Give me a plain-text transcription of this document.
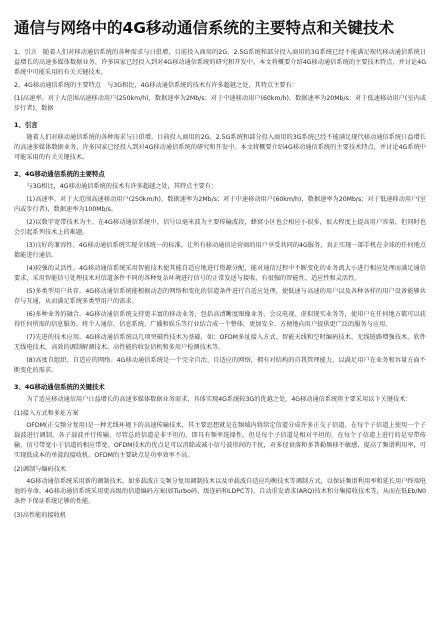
通信与网络中的4G移动通信系统的主要特点和关键技术

1、引言　随着人们对移动通信系统的各种需求与日俱增，目前投入商用的2G、2.5G系统和部分投入商用的3G系统已经不能满足现代移动通信系统日益增长的高速多媒体数据业务，许多国家已经投入到对4G移动通信系统的研究和开发中。本文将概要介绍4G移动通信系统的主要技术特点，并讨论4G系统中可能采用的有关关键技术。

2、4G移动通信系统的主要特点　与3G相比，4G移动通信系统的技术有许多超越之处，其特点主要有：

(1)高速率。对于大范围高速移动用户(250km/h)，数据速率为2Mb/s；对于中速移动用户(60km/h)，数据速率为20Mb/s；对于低速移动用户(室内或步行者)，数据

1、引言

随着人们对移动通信系统的各种需求与日俱增，目前投入商用的2G、2.5G系统和部分投入商用的3G系统已经不能满足现代移动通信系统日益增长的高速多媒体数据业务，许多国家已经投入到对4G移动通信系统的研究和开发中。本文将概要介绍4G移动通信系统的主要技术特点，并讨论4G系统中可能采用的有关关键技术。

2、4G移动通信系统的主要特点

与3G相比，4G移动通信系统的技术有许多超越之处，其特点主要有：

(1)高速率。对于大范围高速移动用户(250km/h)，数据速率为2Mb/s；对于中速移动用户(60km/h)，数据速率为20Mb/s；对于低速移动用户(室内或步行者)，数据速率为100Mb/s。

(2)以数字宽带技术为主。在4G移动通信系统中，信号以毫米波为主要传输波段，蜂窝小区也会相应小很多，很大程度上提高用户容量，但同时也会引起系列技术上的难题。

(3)良好的兼容性。4G移动通信系统实现全球统一的标准，让所有移动通信运营商的用户享受共同的4G服务，真正实现一部手机在全球的任何地点都能进行通信。

(4)较强的灵活性。4G移动通信系统采用智能技术使其能自适应地进行资源分配，能对通信过程中不断变化的业务流大小进行相应处理而满足通信要求，采用智能信号处理技术对信道条件不同的各种复杂环境进行信号的正常发送与接收，有很强的智能性、适应性和灵活性。

(5)多类型用户共存。4G移动通信系统能根据动态的网络和变化的信道条件进行自适应处理，使低速与高速的用户以及各种各样的用户设备能够共存与互通，从而满足系统多类型用户的需求。

(6)多种业务的融合。4G移动通信系统支持更丰富的移动业务，包括高清晰度图像业务、会议电视、虚拟现实业务等，使用户在任何地方都可以获得任何所需的信息服务。将个人通信、信息系统、广播和娱乐等行业结合成一个整体，更加安全、方便地向用户提供更广泛的服务与应用。

(7)先进的技术应用。4G移动通信系统以几项突破性技术为基础，如：OFDM多址接入方式、智能天线和空时编码技术、无线链路增强技术、软件无线电技术、高效的调制解调技术、高性能的收发信机和多用户检测技术等。

(8)高度自组织、自适应的网络。4G移动通信系统是一个完全自治、自适应的网络，拥有对结构的自我管理能力，以满足用户在业务和容量方面不断变化的需求。

3、4G移动通信系统的关键技术

为了适应移动通信用户日益增长的高速多媒体数据业务需求，具体实现4G系统较3G的优越之处，4G移动通信系统将主要采用以下关键技术：

(1)接入方式和多址方案

OFDM(正交频分复用)是一种无线环境下的高速传输技术，其主要思想就是在频域内将给定信道分成许多正交子信道，在每个子信道上使用一个子载波进行调制，各子载波并行传输。尽管总的信道是非平坦的，即具有频率选择性，但是每个子信道是相对平坦的，在每个子信道上进行的是窄带传输，信号带宽小于信道的相应带宽。OFDM技术的优点是可以消除或减小信号波形间的干扰，对多径衰落和多普勒频移不敏感，提高了频谱利用率，可实现低成本的单波段接收机。OFDM的主要缺点是功率效率不高。

(2)调制与编码技术

4G移动通信系统采用新的调制技术，如多载波正交频分复用调制技术以及单载波自适应均衡技术等调制方式，以保证频谱利用率和延长用户终端电池的寿命。4G移动通信系统采用更高级的信道编码方案(如Turbo码、级连码和LDPC等)、自动重发请求(ARQ)技术和分集接收技术等，从而在低Eb/N0条件下保证系统足够的性能。

(3)高性能的接收机
